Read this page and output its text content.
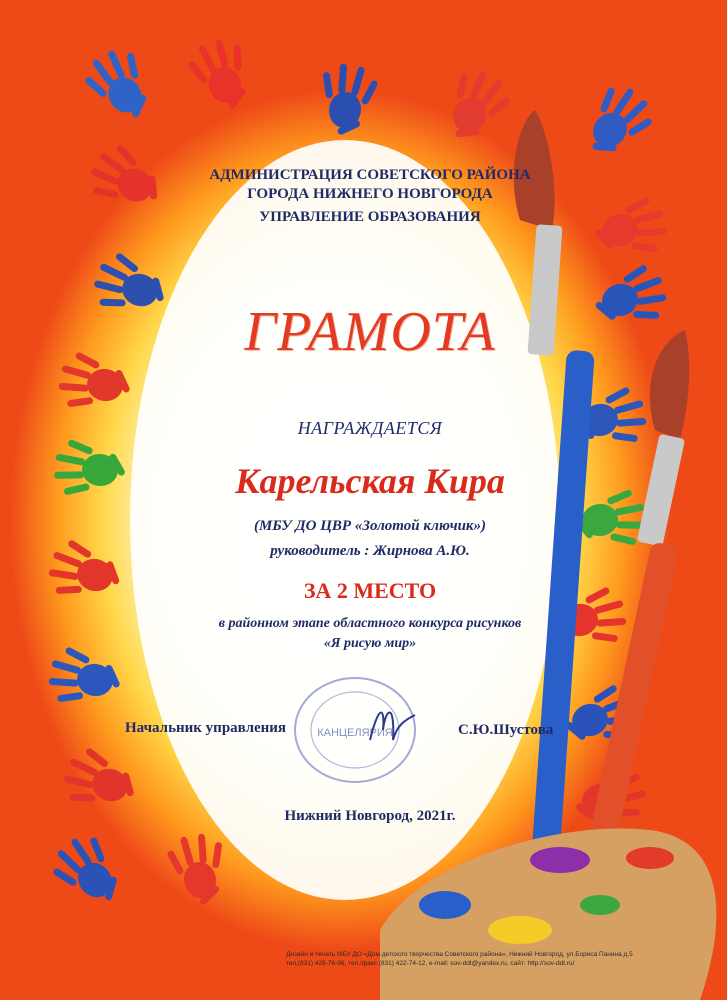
АДМИНИСТРАЦИЯ СОВЕТСКОГО РАЙОНА
ГОРОДА НИЖНЕГО НОВГОРОДА
УПРАВЛЕНИЕ ОБРАЗОВАНИЯ
ГРАМОТА
НАГРАЖДАЕТСЯ
Карельская Кира
(МБУ ДО ЦВР «Золотой ключик»)
руководитель : Жирнова А.Ю.
ЗА 2 МЕСТО
в районном этапе областного конкурса рисунков
«Я рисую мир»
КАНЦЕЛЯРИЯ
Начальник управления	С.Ю.Шустова
Нижний Новгород, 2021г.
Дизайн и печать МБУ ДО «Дом детского творчества Советского района», Нижний Новгород, ул.Бориса Панина д.5
тел.(831) 428-76-96, тел./факс (831) 422-74-12, e-mail: sov-ddt@yandex.ru, сайт: http://sov-ddt.ru/
